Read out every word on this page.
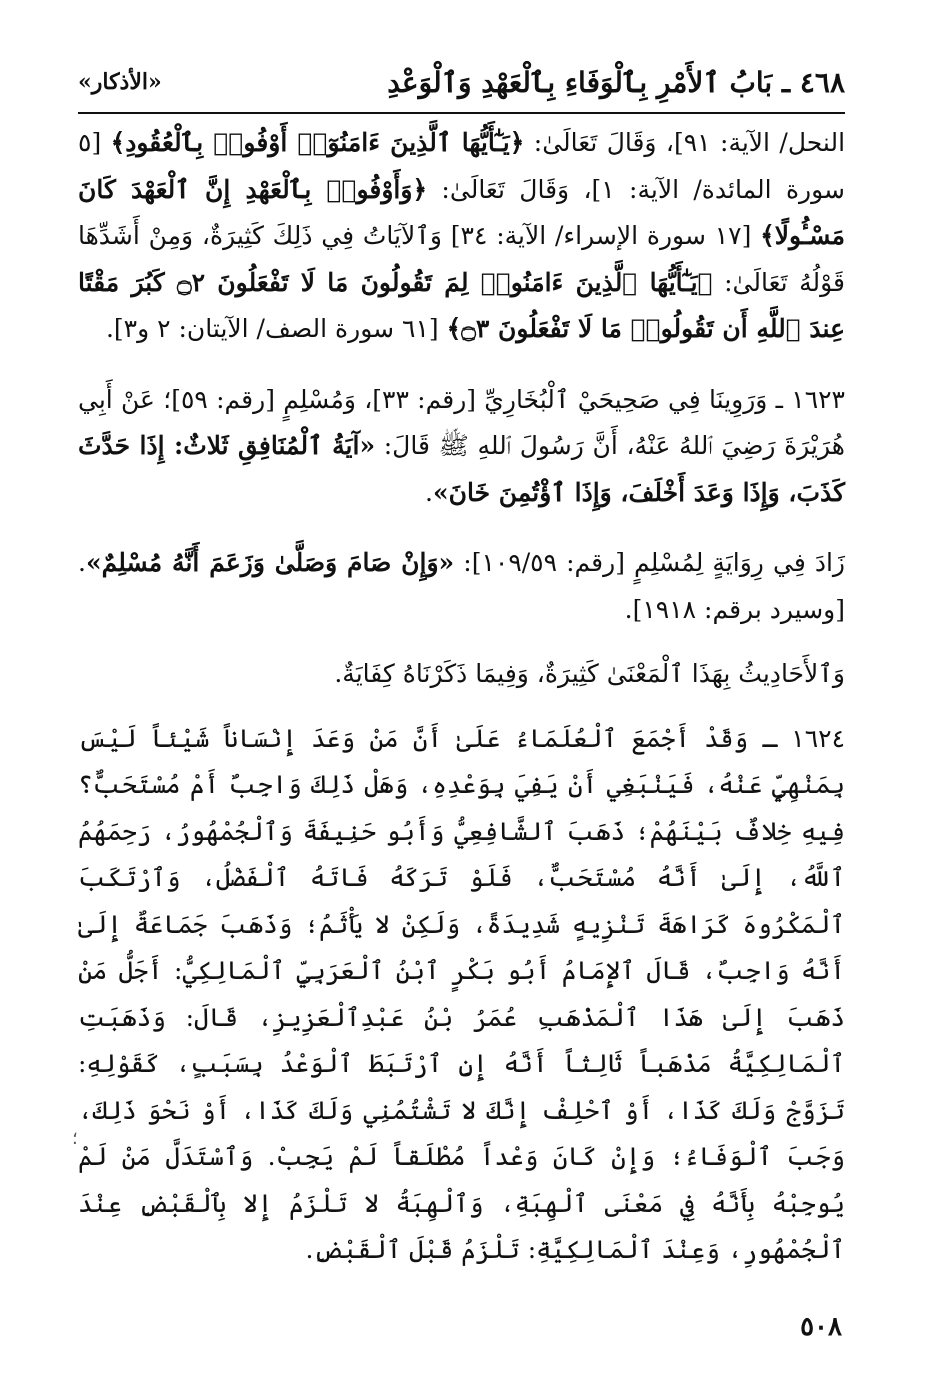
٤٦٨ ـ بَابُ ٱلأَمْرِ بِٱلْوَفَاءِ بِٱلْعَهْدِ وَٱلْوَعْدِ
«الأذكار»

النحل/ الآية: ٩١]، وَقَالَ تَعَالَىٰ: ﴿يَـٰٓأَيُّهَا ٱلَّذِينَ ءَامَنُوٓا۟ أَوْفُوا۟ بِٱلْعُقُودِ﴾ [٥ سورة المائدة/ الآية: ١]، وَقَالَ تَعَالَىٰ: ﴿وَأَوْفُوا۟ بِٱلْعَهْدِ إِنَّ ٱلْعَهْدَ كَانَ مَسْـُٔولًا﴾ [١٧ سورة الإسراء/ الآية: ٣٤] وَٱلآيَاتُ فِي ذَلِكَ كَثِيرَةٌ، وَمِنْ أَشَدِّهَا قَوْلُهُ تَعَالَىٰ: ﴿يَـٰٓأَيُّهَا ٱلَّذِينَ ءَامَنُوا۟ لِمَ تَقُولُونَ مَا لَا تَفْعَلُونَ ۝٢ كَبُرَ مَقْتًا عِندَ ٱللَّهِ أَن تَقُولُوا۟ مَا لَا تَفْعَلُونَ ۝٣﴾ [٦١ سورة الصف/ الآيتان: ٢ و٣].

١٦٢٣ ـ وَرَوِينَا فِي صَحِيحَيْ ٱلْبُخَارِيِّ [رقم: ٣٣]، وَمُسْلِمٍ [رقم: ٥٩]؛ عَنْ أَبِي هُرَيْرَةَ رَضِيَ ٱللهُ عَنْهُ، أَنَّ رَسُولَ ٱللهِ ﷺ قَالَ: «آيَةُ ٱلْمُنَافِقِ ثَلاثٌ: إِذَا حَدَّثَ كَذَبَ، وَإِذَا وَعَدَ أَخْلَفَ، وَإِذَا ٱؤْتُمِنَ خَانَ».

زَادَ فِي رِوَايَةٍ لِمُسْلِمٍ [رقم: ١٠٩/٥٩]: «وَإِنْ صَامَ وَصَلَّىٰ وَزَعَمَ أَنَّهُ مُسْلِمٌ». [وسيرد برقم: ١٩١٨].

وَٱلأَحَادِيثُ بِهَذَا ٱلْمَعْنَىٰ كَثِيرَةٌ، وَفِيمَا ذَكَرْنَاهُ كِفَايَةٌ.

١٦٢٤ ـ وَقَدْ أَجْمَعَ ٱلْعُلَمَاءُ عَلَىٰ أَنَّ مَنْ وَعَدَ إِنْسَاناً شَيْئاً لَيْسَ بِمَنْهِيٍّ عَنْهُ، فَيَنْبَغِي أَنْ يَفِيَ بِوَعْدِهِ، وَهَلْ ذَلِكَ وَاجِبٌ أَمْ مُسْتَحَبٌّ؟ فِيهِ خِلافٌ بَيْنَهُمْ؛ ذَهَبَ ٱلشَّافِعِيُّ وَأَبُو حَنِيفَةَ وَٱلْجُمْهُورُ، رَحِمَهُمُ ٱللَّهُ، إِلَىٰ أَنَّهُ مُسْتَحَبٌّ، فَلَوْ تَرَكَهُ فَاتَهُ ٱلْفَضْلُ، وَٱرْتَكَبَ ٱلْمَكْرُوهَ كَرَاهَةَ تَنْزِيهٍ شَدِيدَةً، وَلَكِنْ لا يَأْثَمُ؛ وَذَهَبَ جَمَاعَةٌ إِلَىٰ أَنَّهُ وَاجِبٌ، قَالَ ٱلإِمَامُ أَبُو بَكْرٍ ٱبْنُ ٱلْعَرَبِيِّ ٱلْمَالِكِيُّ: أَجَلُّ مَنْ ذَهَبَ إِلَىٰ هَذَا ٱلْمَذْهَبِ عُمَرُ بْنُ عَبْدِٱلْعَزِيزِ، قَالَ: وَذَهَبَتِ ٱلْمَالِكِيَّةُ مَذْهَباً ثَالِثاً أَنَّهُ إِنِ ٱرْتَبَطَ ٱلْوَعْدُ بِسَبَبٍ، كَقَوْلِهِ: تَزَوَّجْ وَلَكَ كَذَا، أَوْ ٱحْلِفْ إِنَّكَ لا تَشْتُمُنِي وَلَكَ كَذَا، أَوْ نَحْوَ ذَلِكَ، وَجَبَ ٱلْوَفَاءُ؛ وَإِنْ كَانَ وَعْداً مُطْلَقاً لَمْ يَجِبْ. وَٱسْتَدَلَّ مَنْ لَمْ يُوجِبْهُ بِأَنَّهُ فِي مَعْنَى ٱلْهِبَةِ، وَٱلْهِبَةُ لا تَلْزَمُ إِلا بِٱلْقَبْضِ عِنْدَ ٱلْجُمْهُورِ، وَعِنْدَ ٱلْمَالِكِيَّةِ: تَلْزَمُ قَبْلَ ٱلْقَبْضِ.

؛
٥٠٨
